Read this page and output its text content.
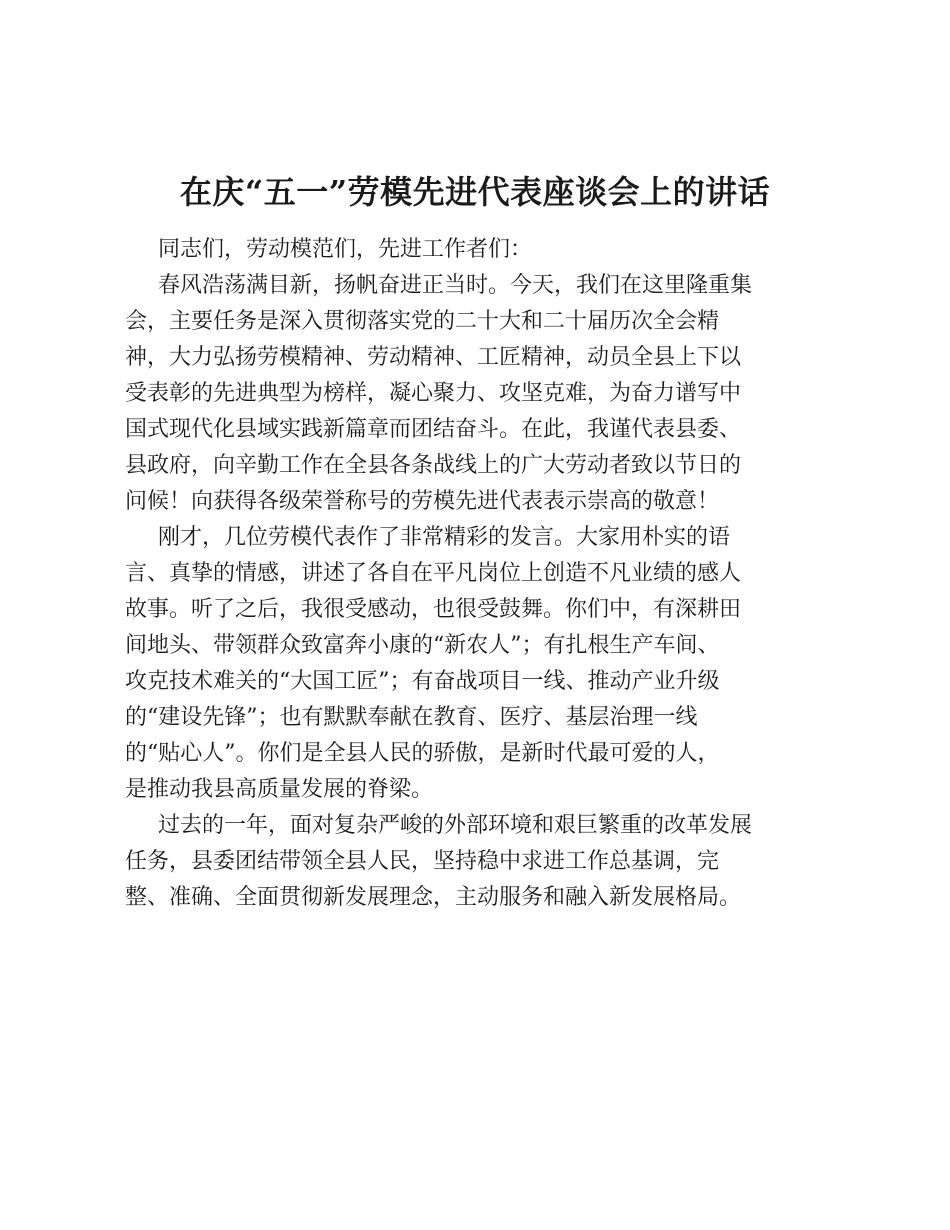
在庆“五一”劳模先进代表座谈会上的讲话
同志们，劳动模范们，先进工作者们：
春风浩荡满目新，扬帆奋进正当时。今天，我们在这里隆重集
会，主要任务是深入贯彻落实党的二十大和二十届历次全会精
神，大力弘扬劳模精神、劳动精神、工匠精神，动员全县上下以
受表彰的先进典型为榜样，凝心聚力、攻坚克难，为奋力谱写中
国式现代化县域实践新篇章而团结奋斗。在此，我谨代表县委、
县政府，向辛勤工作在全县各条战线上的广大劳动者致以节日的
问候！向获得各级荣誉称号的劳模先进代表表示崇高的敬意！
刚才，几位劳模代表作了非常精彩的发言。大家用朴实的语
言、真挚的情感，讲述了各自在平凡岗位上创造不凡业绩的感人
故事。听了之后，我很受感动，也很受鼓舞。你们中，有深耕田
间地头、带领群众致富奔小康的“新农人”；有扎根生产车间、
攻克技术难关的“大国工匠”；有奋战项目一线、推动产业升级
的“建设先锋”；也有默默奉献在教育、医疗、基层治理一线
的“贴心人”。你们是全县人民的骄傲，是新时代最可爱的人，
是推动我县高质量发展的脊梁。
过去的一年，面对复杂严峻的外部环境和艰巨繁重的改革发展
任务，县委团结带领全县人民，坚持稳中求进工作总基调，完
整、准确、全面贯彻新发展理念，主动服务和融入新发展格局。
